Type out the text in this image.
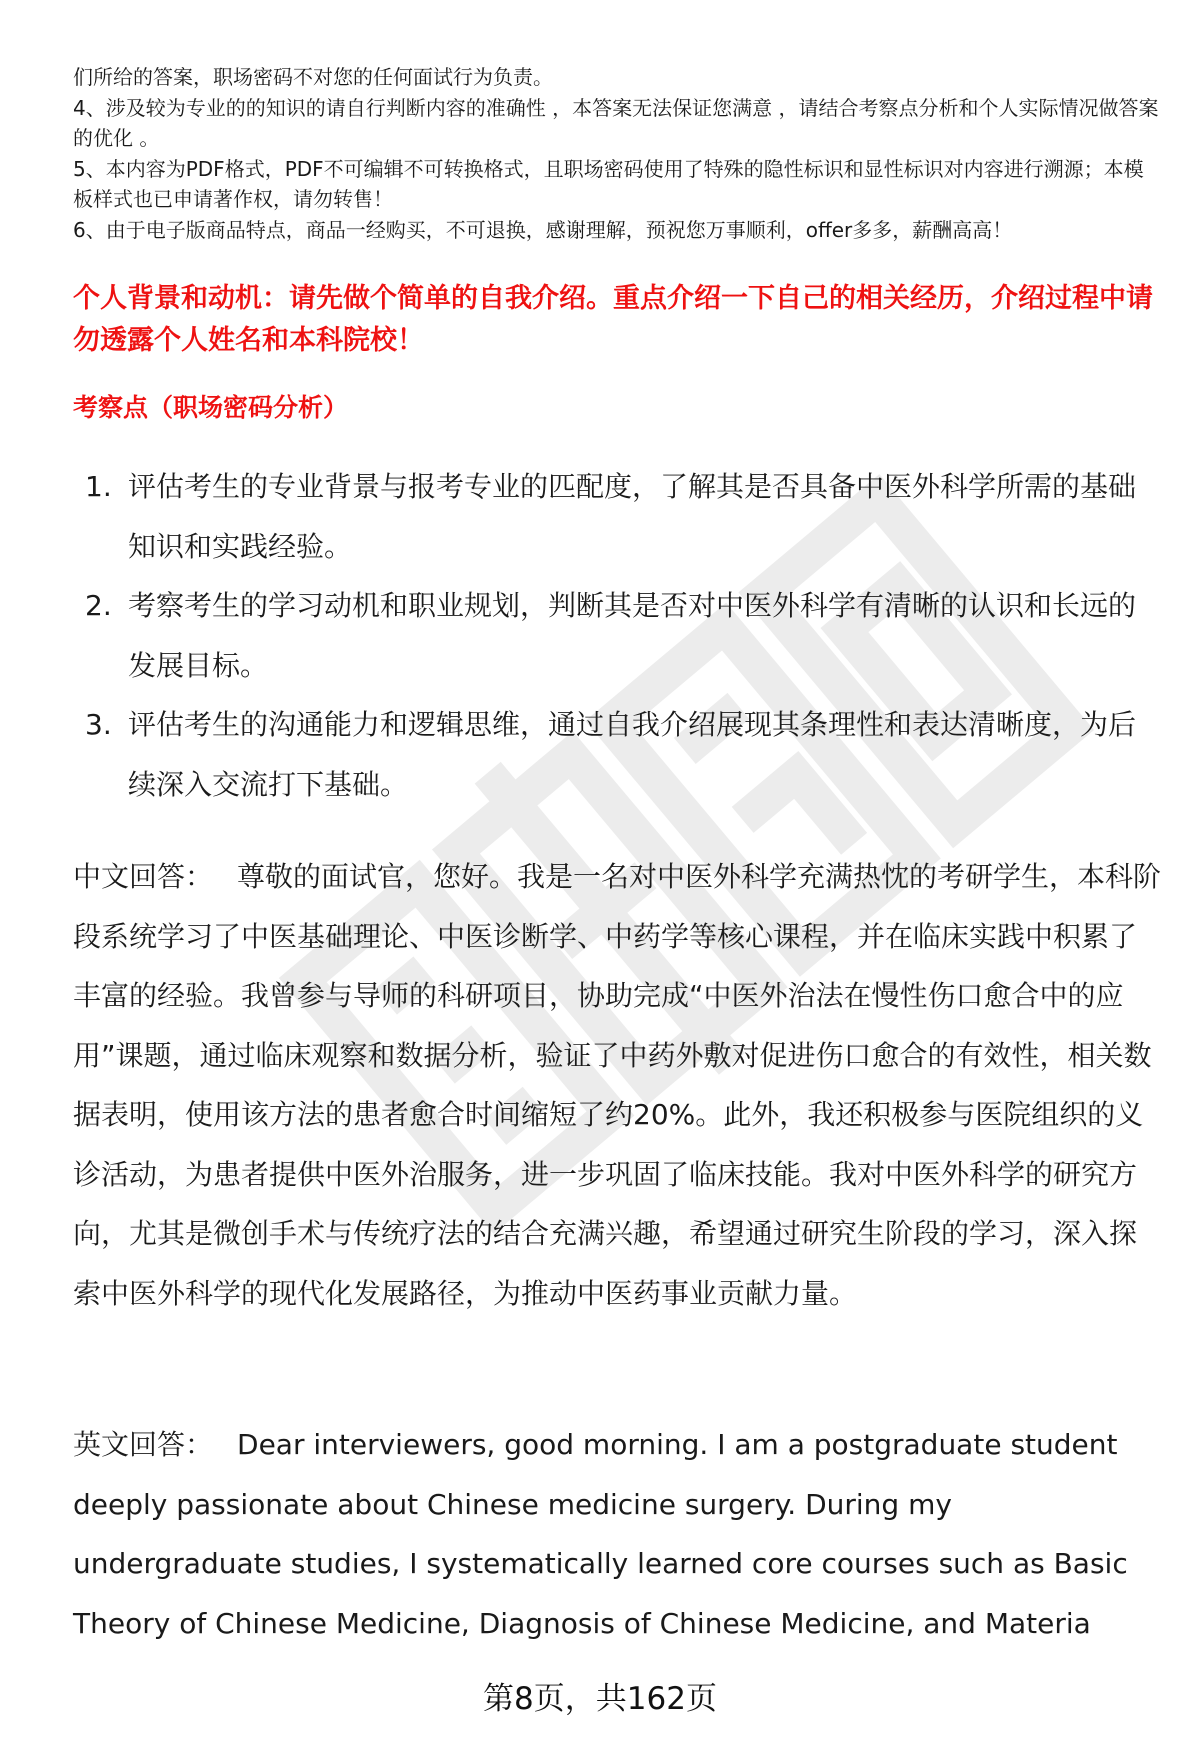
们所给的答案，职场密码不对您的任何面试行为负责。

4、涉及较为专业的的知识的请自行判断内容的准确性 ，本答案无法保证您满意 ，请结合考察点分析和个人实际情况做答案的优化 。

5、本内容为PDF格式，PDF不可编辑不可转换格式，且职场密码使用了特殊的隐性标识和显性标识对内容进行溯源；本模板样式也已申请著作权，请勿转售！

6、由于电子版商品特点，商品一经购买，不可退换，感谢理解，预祝您万事顺利，offer多多，薪酬高高！

个人背景和动机：请先做个简单的自我介绍。重点介绍一下自己的相关经历，介绍过程中请勿透露个人姓名和本科院校！
考察点（职场密码分析）
1. 评估考生的专业背景与报考专业的匹配度，了解其是否具备中医外科学所需的基础知识和实践经验。
2. 考察考生的学习动机和职业规划，判断其是否对中医外科学有清晰的认识和长远的发展目标。
3. 评估考生的沟通能力和逻辑思维，通过自我介绍展现其条理性和表达清晰度，为后续深入交流打下基础。

中文回答： 尊敬的面试官，您好。我是一名对中医外科学充满热忱的考研学生，本科阶段系统学习了中医基础理论、中医诊断学、中药学等核心课程，并在临床实践中积累了丰富的经验。我曾参与导师的科研项目，协助完成“中医外治法在慢性伤口愈合中的应用”课题，通过临床观察和数据分析，验证了中药外敷对促进伤口愈合的有效性，相关数据表明，使用该方法的患者愈合时间缩短了约20%。此外，我还积极参与医院组织的义诊活动，为患者提供中医外治服务，进一步巩固了临床技能。我对中医外科学的研究方向，尤其是微创手术与传统疗法的结合充满兴趣，希望通过研究生阶段的学习，深入探索中医外科学的现代化发展路径，为推动中医药事业贡献力量。

英文回答： Dear interviewers, good morning. I am a postgraduate student deeply passionate about Chinese medicine surgery. During my undergraduate studies, I systematically learned core courses such as Basic Theory of Chinese Medicine, Diagnosis of Chinese Medicine, and Materia

第8页，共162页
